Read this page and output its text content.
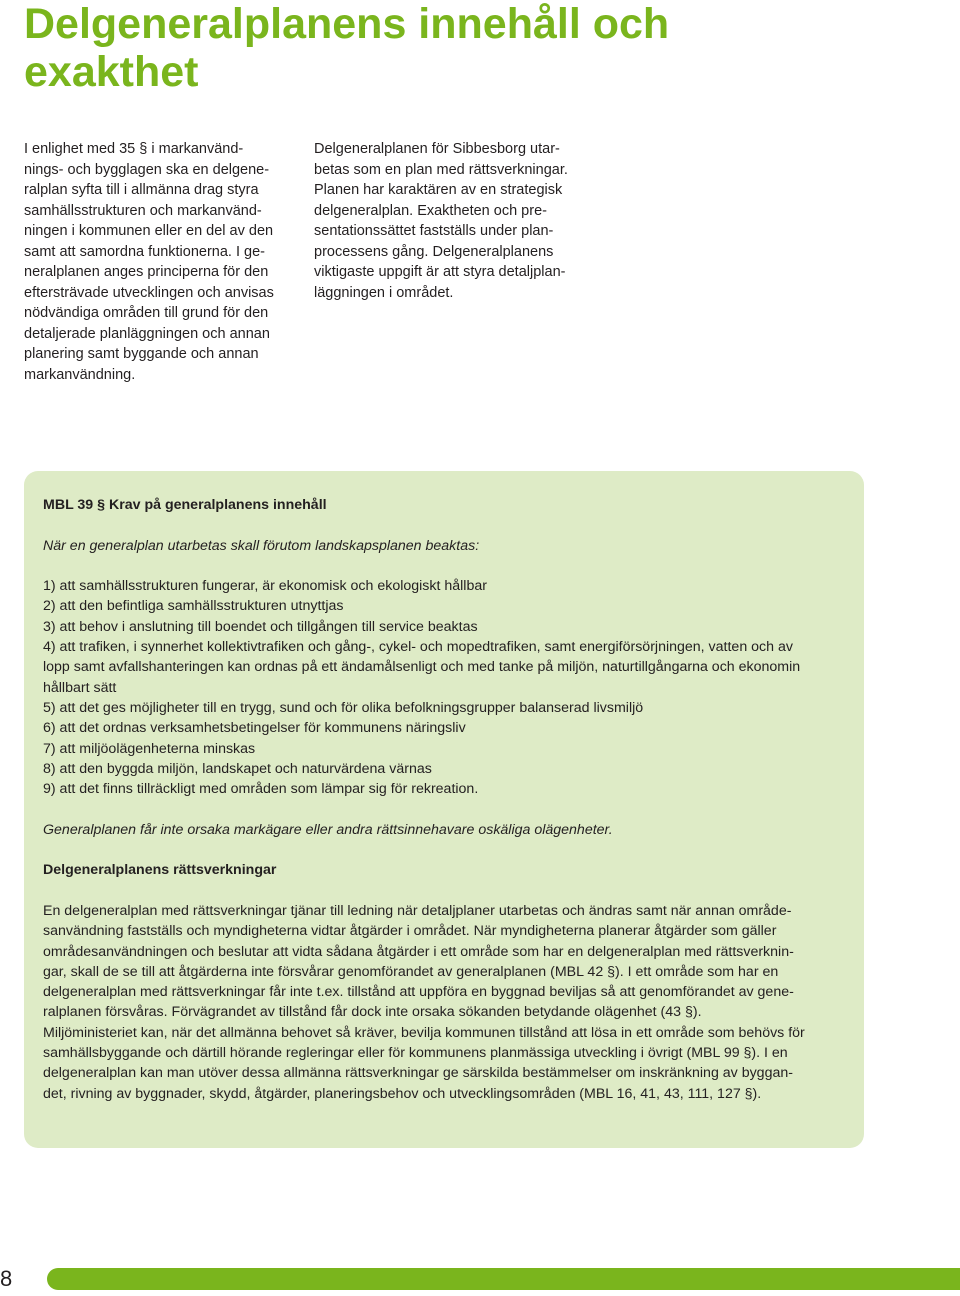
Delgeneralplanens innehåll och
exakthet
I enlighet med 35 § i markanvänd-
nings- och bygglagen ska en delgene-
ralplan syfta till i allmänna drag styra
samhällsstrukturen och markanvänd-
ningen i kommunen eller en del av den
samt att samordna funktionerna. I ge-
neralplanen anges principerna för den
eftersträvade utvecklingen och anvisas
nödvändiga områden till grund för den
detaljerade planläggningen och annan
planering samt byggande och annan
markanvändning.
Delgeneralplanen för Sibbesborg utar-
betas som en plan med rättsverkningar.
Planen har karaktären av en strategisk
delgeneralplan. Exaktheten och pre-
sentationssättet fastställs under plan-
processens gång. Delgeneralplanens
viktigaste uppgift är att styra detaljplan-
läggningen i området.
MBL 39 § Krav på generalplanens innehåll
När en generalplan utarbetas skall förutom landskapsplanen beaktas:
1) att samhällsstrukturen fungerar, är ekonomisk och ekologiskt hållbar
2) att den befintliga samhällsstrukturen utnyttjas
3) att behov i anslutning till boendet och tillgången till service beaktas
4) att trafiken, i synnerhet kollektivtrafiken och gång-, cykel- och mopedtrafiken, samt energiförsörjningen, vatten och av
lopp samt avfallshanteringen kan ordnas på ett ändamålsenligt och med tanke på miljön, naturtillgångarna och ekonomin
hållbart sätt
5) att det ges möjligheter till en trygg, sund och för olika befolkningsgrupper balanserad livsmiljö
6) att det ordnas verksamhetsbetingelser för kommunens näringsliv
7) att miljöolägenheterna minskas
8) att den byggda miljön, landskapet och naturvärdena värnas
9) att det finns tillräckligt med områden som lämpar sig för rekreation.
Generalplanen får inte orsaka markägare eller andra rättsinnehavare oskäliga olägenheter.
Delgeneralplanens rättsverkningar
En delgeneralplan med rättsverkningar tjänar till ledning när detaljplaner utarbetas och ändras samt när annan område-
sanvändning fastställs och myndigheterna vidtar åtgärder i området. När myndigheterna planerar åtgärder som gäller
områdesanvändningen och beslutar att vidta sådana åtgärder i ett område som har en delgeneralplan med rättsverknin-
gar, skall de se till att åtgärderna inte försvårar genomförandet av generalplanen (MBL 42 §). I ett område som har en
delgeneralplan med rättsverkningar får inte t.ex. tillstånd att uppföra en byggnad beviljas så att genomförandet av gene-
ralplanen försvåras. Förvägrandet av tillstånd får dock inte orsaka sökanden betydande olägenhet (43 §).
Miljöministeriet kan, när det allmänna behovet så kräver, bevilja kommunen tillstånd att lösa in ett område som behövs för
samhällsbyggande och därtill hörande regleringar eller för kommunens planmässiga utveckling i övrigt (MBL 99 §). I en
delgeneralplan kan man utöver dessa allmänna rättsverkningar ge särskilda bestämmelser om inskränkning av byggan-
det, rivning av byggnader, skydd, åtgärder, planeringsbehov och utvecklingsområden (MBL 16, 41, 43, 111, 127 §).
8
